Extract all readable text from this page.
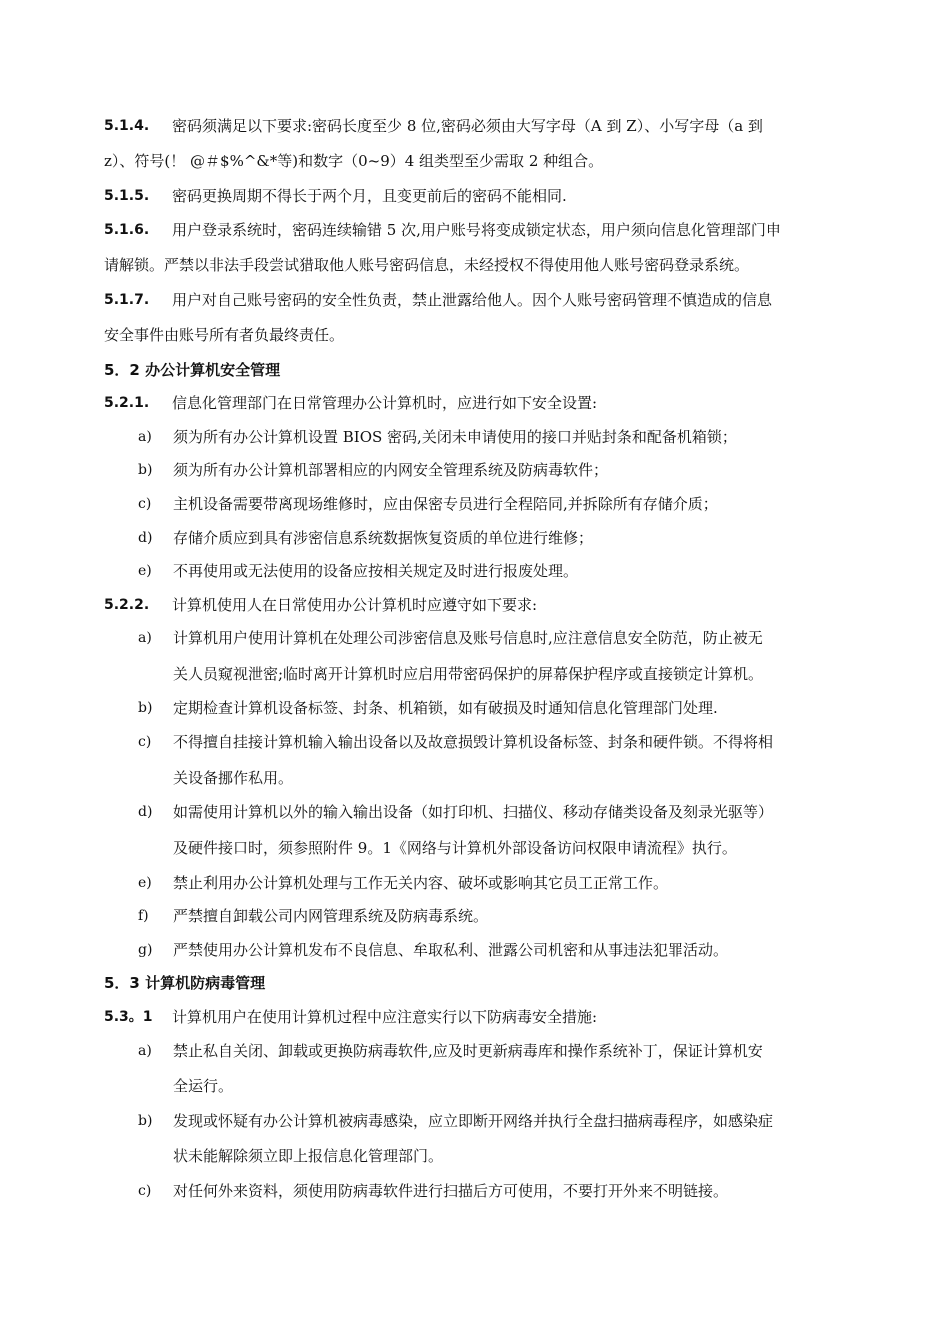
5.1.4. 密码须满足以下要求:密码长度至少 8 位,密码必须由大写字母（A 到 Z）、小写字母（a 到
z）、符号(！ @＃$%^&*等)和数字（0~9）4 组类型至少需取 2 种组合。
5.1.5. 密码更换周期不得长于两个月，且变更前后的密码不能相同.
5.1.6. 用户登录系统时，密码连续输错 5 次,用户账号将变成锁定状态，用户须向信息化管理部门申
请解锁。严禁以非法手段尝试猎取他人账号密码信息，未经授权不得使用他人账号密码登录系统。
5.1.7. 用户对自己账号密码的安全性负责，禁止泄露给他人。因个人账号密码管理不慎造成的信息
安全事件由账号所有者负最终责任。
5．2 办公计算机安全管理
5.2.1. 信息化管理部门在日常管理办公计算机时，应进行如下安全设置:
a) 须为所有办公计算机设置 BIOS 密码,关闭未申请使用的接口并贴封条和配备机箱锁；
b) 须为所有办公计算机部署相应的内网安全管理系统及防病毒软件；
c) 主机设备需要带离现场维修时，应由保密专员进行全程陪同,并拆除所有存储介质；
d) 存储介质应到具有涉密信息系统数据恢复资质的单位进行维修；
e) 不再使用或无法使用的设备应按相关规定及时进行报废处理。
5.2.2. 计算机使用人在日常使用办公计算机时应遵守如下要求:
a) 计算机用户使用计算机在处理公司涉密信息及账号信息时,应注意信息安全防范，防止被无
关人员窥视泄密;临时离开计算机时应启用带密码保护的屏幕保护程序或直接锁定计算机。
b) 定期检查计算机设备标签、封条、机箱锁，如有破损及时通知信息化管理部门处理.
c) 不得擅自挂接计算机输入输出设备以及故意损毁计算机设备标签、封条和硬件锁。不得将相
关设备挪作私用。
d) 如需使用计算机以外的输入输出设备（如打印机、扫描仪、移动存储类设备及刻录光驱等）
及硬件接口时，须参照附件 9。1《网络与计算机外部设备访问权限申请流程》执行。
e) 禁止利用办公计算机处理与工作无关内容、破坏或影响其它员工正常工作。
f) 严禁擅自卸载公司内网管理系统及防病毒系统。
g) 严禁使用办公计算机发布不良信息、牟取私利、泄露公司机密和从事违法犯罪活动。
5．3 计算机防病毒管理
5.3。1 计算机用户在使用计算机过程中应注意实行以下防病毒安全措施:
a) 禁止私自关闭、卸载或更换防病毒软件,应及时更新病毒库和操作系统补丁，保证计算机安
全运行。
b) 发现或怀疑有办公计算机被病毒感染，应立即断开网络并执行全盘扫描病毒程序，如感染症
状未能解除须立即上报信息化管理部门。
c) 对任何外来资料，须使用防病毒软件进行扫描后方可使用，不要打开外来不明链接。
